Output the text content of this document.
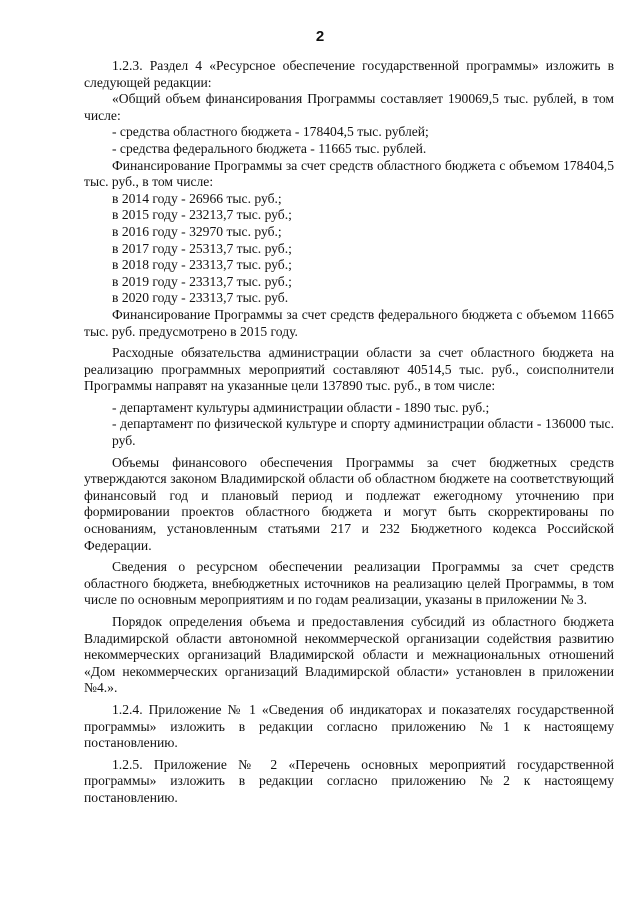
2

1.2.3. Раздел 4 «Ресурсное обеспечение государственной программы» изложить в следующей редакции:

«Общий объем финансирования Программы составляет 190069,5 тыс. рублей, в том числе:

- средства областного бюджета - 178404,5 тыс. рублей;

- средства федерального бюджета - 11665 тыс. рублей.

Финансирование Программы за счет средств областного бюджета с объемом 178404,5 тыс. руб., в том числе:

в 2014 году - 26966 тыс. руб.;

в 2015 году - 23213,7 тыс. руб.;

в 2016 году - 32970 тыс. руб.;

в 2017 году - 25313,7 тыс. руб.;

в 2018 году - 23313,7 тыс. руб.;

в 2019 году - 23313,7 тыс. руб.;

в 2020 году - 23313,7 тыс. руб.

Финансирование Программы за счет средств федерального бюджета с объемом 11665 тыс. руб. предусмотрено в 2015 году.

Расходные обязательства администрации области за счет областного бюджета на реализацию программных мероприятий составляют 40514,5 тыс. руб., соисполнители Программы направят на указанные цели 137890 тыс. руб., в том числе:

- департамент культуры администрации области - 1890 тыс. руб.;

- департамент по физической культуре и спорту администрации области - 136000 тыс. руб.

Объемы финансового обеспечения Программы за счет бюджетных средств утверждаются законом Владимирской области об областном бюджете на соответствующий финансовый год и плановый период и подлежат ежегодному уточнению при формировании проектов областного бюджета и могут быть скорректированы по основаниям, установленным статьями 217 и 232 Бюджетного кодекса Российской Федерации.

Сведения о ресурсном обеспечении реализации Программы за счет средств областного бюджета, внебюджетных источников на реализацию целей Программы, в том числе по основным мероприятиям и по годам реализации, указаны в приложении № 3.

Порядок определения объема и предоставления субсидий из областного бюджета Владимирской области автономной некоммерческой организации содействия развитию некоммерческих организаций Владимирской области и межнациональных отношений «Дом некоммерческих организаций Владимирской области» установлен в приложении №4.».

1.2.4. Приложение № 1 «Сведения об индикаторах и показателях государственной программы» изложить в редакции согласно приложению №1 к настоящему постановлению.

1.2.5. Приложение № 2 «Перечень основных мероприятий государственной программы» изложить в редакции согласно приложению №2 к настоящему постановлению.
